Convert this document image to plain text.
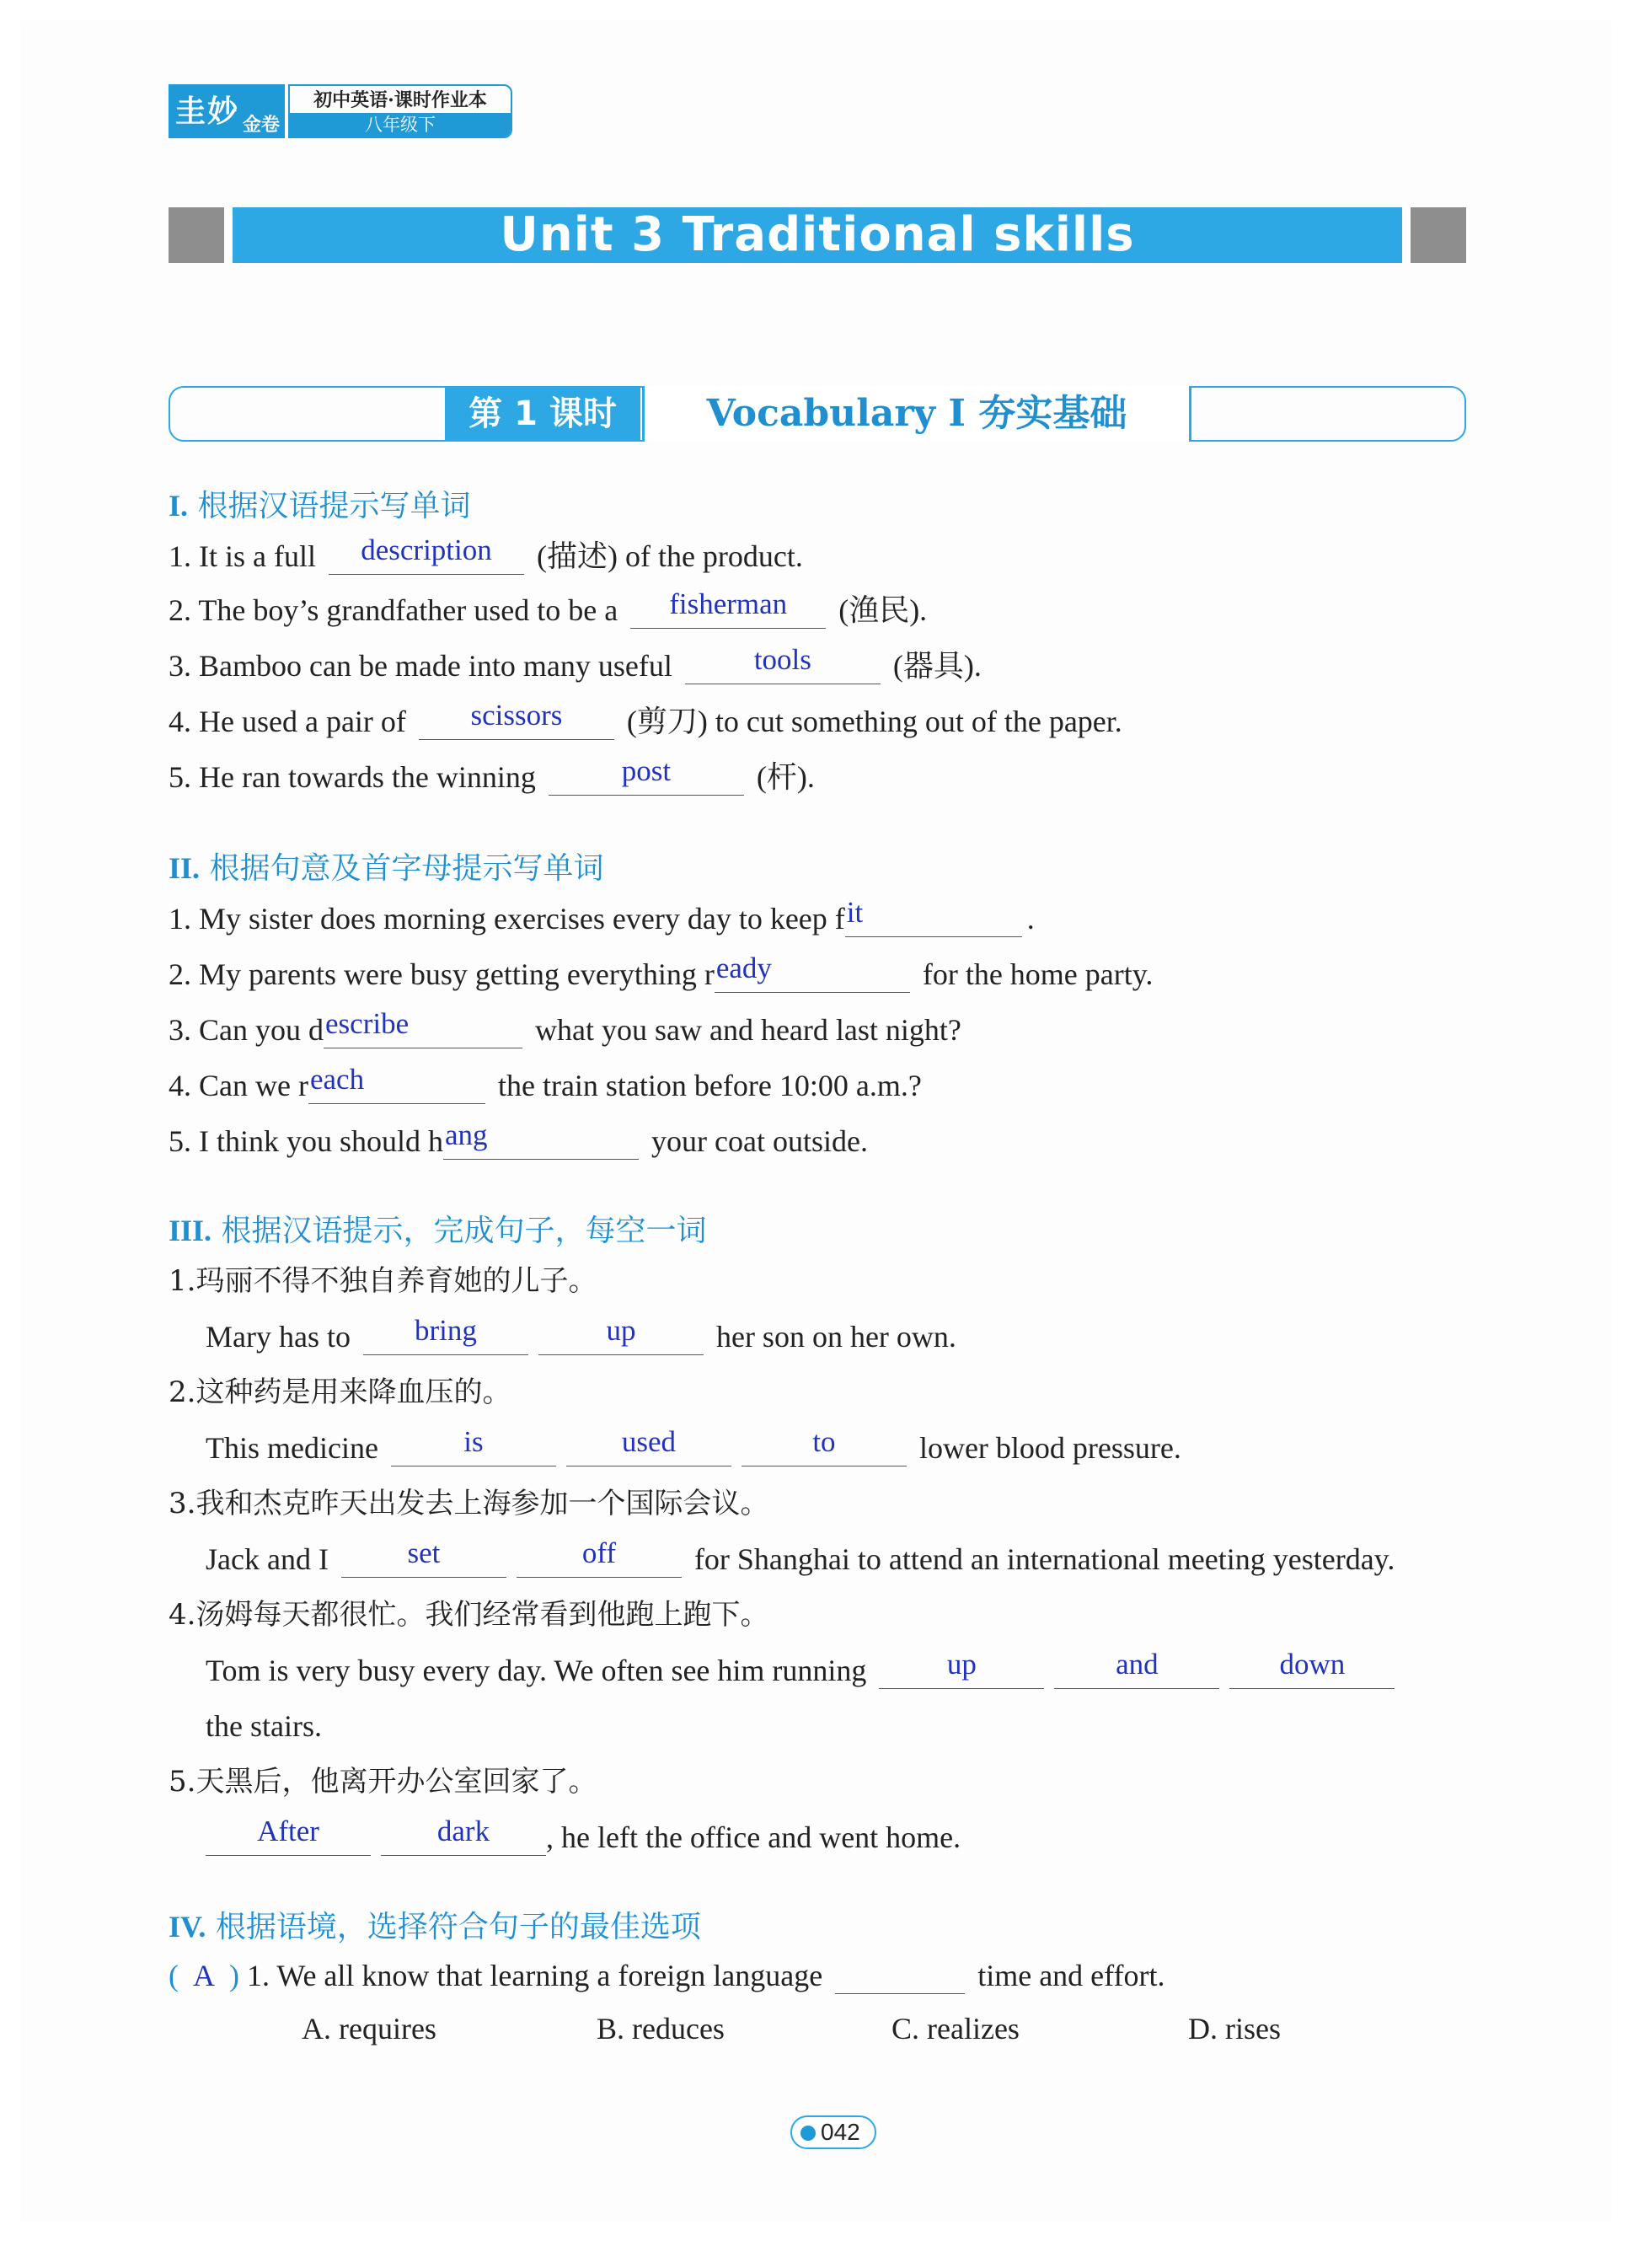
圭妙 金卷
初中英语·课时作业本
八年级下
Unit 3 Traditional skills
第 1 课时	Vocabulary Ⅰ 夯实基础
I. 根据汉语提示写单词
1. It is a full	description	(描述) of the product.
2. The boy’s grandfather used to be a	fisherman	(渔民).
3. Bamboo can be made into many useful	tools	(器具).
4. He used a pair of	scissors	(剪刀) to cut something out of the paper.
5. He ran towards the winning	post	(杆).
II. 根据句意及首字母提示写单词
1. My sister does morning exercises every day to keep f it	.
2. My parents were busy getting everything r eady	for the home party.
3. Can you d escribe	what you saw and heard last night?
4. Can we r each	the train station before 10:00 a.m.?
5. I think you should h ang	your coat outside.
III. 根据汉语提示，完成句子，每空一词
1.玛丽不得不独自养育她的儿子。
Mary has to	bring	up	her son on her own.
2.这种药是用来降血压的。
This medicine	is	used	to	lower blood pressure.
3.我和杰克昨天出发去上海参加一个国际会议。
Jack and I	set	off	for Shanghai to attend an international meeting yesterday.
4.汤姆每天都很忙。我们经常看到他跑上跑下。
Tom is very busy every day. We often see him running	up	and	down
the stairs.
5.天黑后，他离开办公室回家了。
After	dark	, he left the office and went home.
IV. 根据语境，选择符合句子的最佳选项
( A ) 1. We all know that learning a foreign language	time and effort.
A. requires	B. reduces	C. realizes	D. rises
042
